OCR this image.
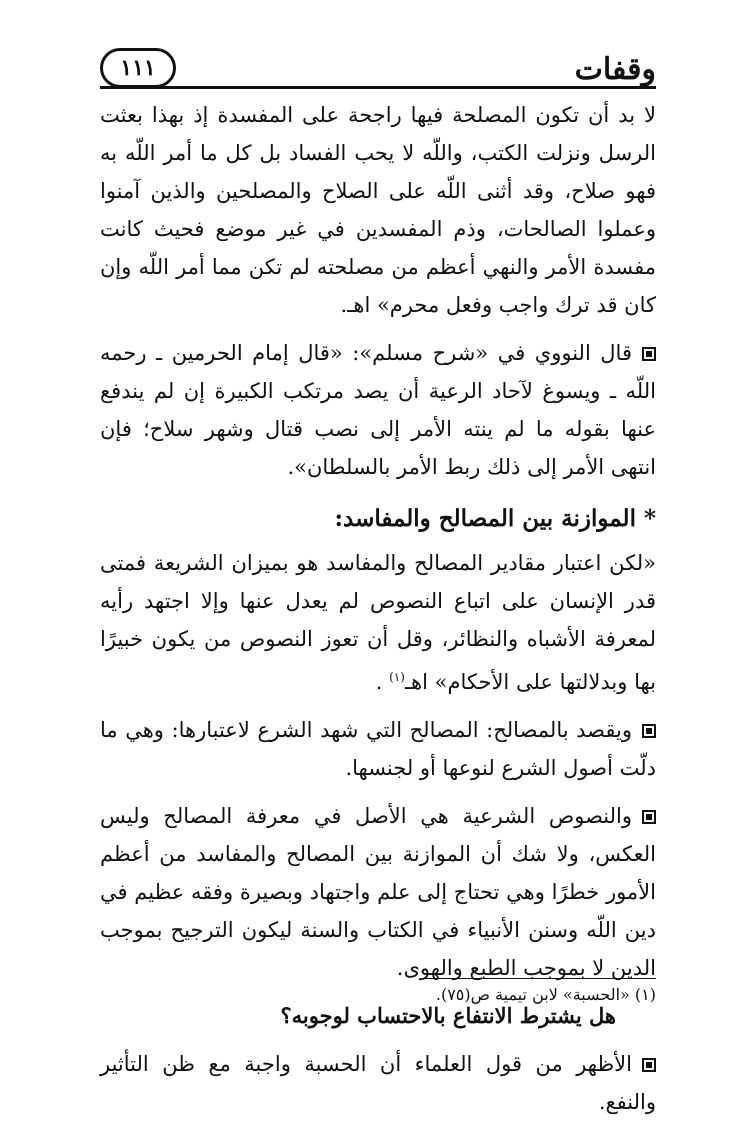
وقفات
١١١

لا بد أن تكون المصلحة فيها راجحة على المفسدة إذ بهذا بعثت الرسل ونزلت الكتب، واللّه لا يحب الفساد بل كل ما أمر اللّه به فهو صلاح، وقد أثنى اللّه على الصلاح والمصلحين والذين آمنوا وعملوا الصالحات، وذم المفسدين في غير موضع فحيث كانت مفسدة الأمر والنهي أعظم من مصلحته لم تكن مما أمر اللّه وإن كان قد ترك واجب وفعل محرم» اهـ.

قال النووي في «شرح مسلم»: «قال إمام الحرمين ـ رحمه اللّه ـ ويسوغ لآحاد الرعية أن يصد مرتكب الكبيرة إن لم يندفع عنها بقوله ما لم ينته الأمر إلى نصب قتال وشهر سلاح؛ فإن انتهى الأمر إلى ذلك ربط الأمر بالسلطان».

*الموازنة بين المصالح والمفاسد:

«لكن اعتبار مقادير المصالح والمفاسد هو بميزان الشريعة فمتى قدر الإنسان على اتباع النصوص لم يعدل عنها وإلا اجتهد رأيه لمعرفة الأشباه والنظائر، وقل أن تعوز النصوص من يكون خبيرًا بها وبدلالتها على الأحكام» اهـ$^{(١)}$ .

ويقصد بالمصالح: المصالح التي شهد الشرع لاعتبارها: وهي ما دلّت أصول الشرع لنوعها أو لجنسها.

والنصوص الشرعية هي الأصل في معرفة المصالح وليس العكس، ولا شك أن الموازنة بين المصالح والمفاسد من أعظم الأمور خطرًا وهي تحتاج إلى علم واجتهاد وبصيرة وفقه عظيم في دين اللّه وسنن الأنبياء في الكتاب والسنة ليكون الترجيح بموجب الدين لا بموجب الطبع والهوى.

هل يشترط الانتفاع بالاحتساب لوجوبه؟

الأظهر من قول العلماء أن الحسبة واجبة مع ظن التأثير والنفع.

(١) «الحسبة» لابن تيمية ص(٧٥).
